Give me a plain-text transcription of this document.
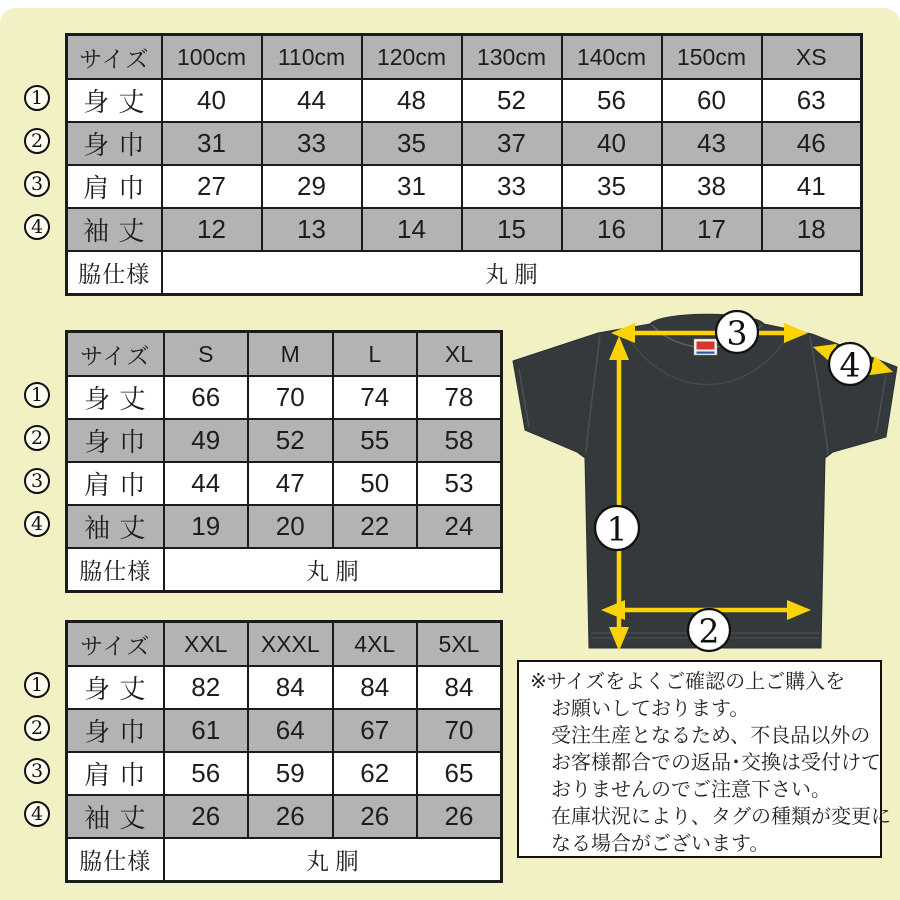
1
2
3
4
サイズ	100cm	110cm	120cm	130cm	140cm	150cm	XS
身 丈	40	44	48	52	56	60	63
身 巾	31	33	35	37	40	43	46
肩 巾	27	29	31	33	35	38	41
袖 丈	12	13	14	15	16	17	18
脇仕様	丸 胴						
1
2
3
4
サイズ	S	M	L	XL
身 丈	66	70	74	78
身 巾	49	52	55	58
肩 巾	44	47	50	53
袖 丈	19	20	22	24
脇仕様	丸 胴			
1
2
3
4
サイズ	XXL	XXXL	4XL	5XL
身 丈	82	84	84	84
身 巾	61	64	67	70
肩 巾	56	59	62	65
袖 丈	26	26	26	26
脇仕様	丸 胴			
3
4
1
2
※サイズをよくご確認の上ご購入を
お願いしております。
受注生産となるため、不良品以外の
お客様都合での返品･交換は受付けて
おりませんのでご注意下さい。
在庫状況により、タグの種類が変更に
なる場合がございます。
